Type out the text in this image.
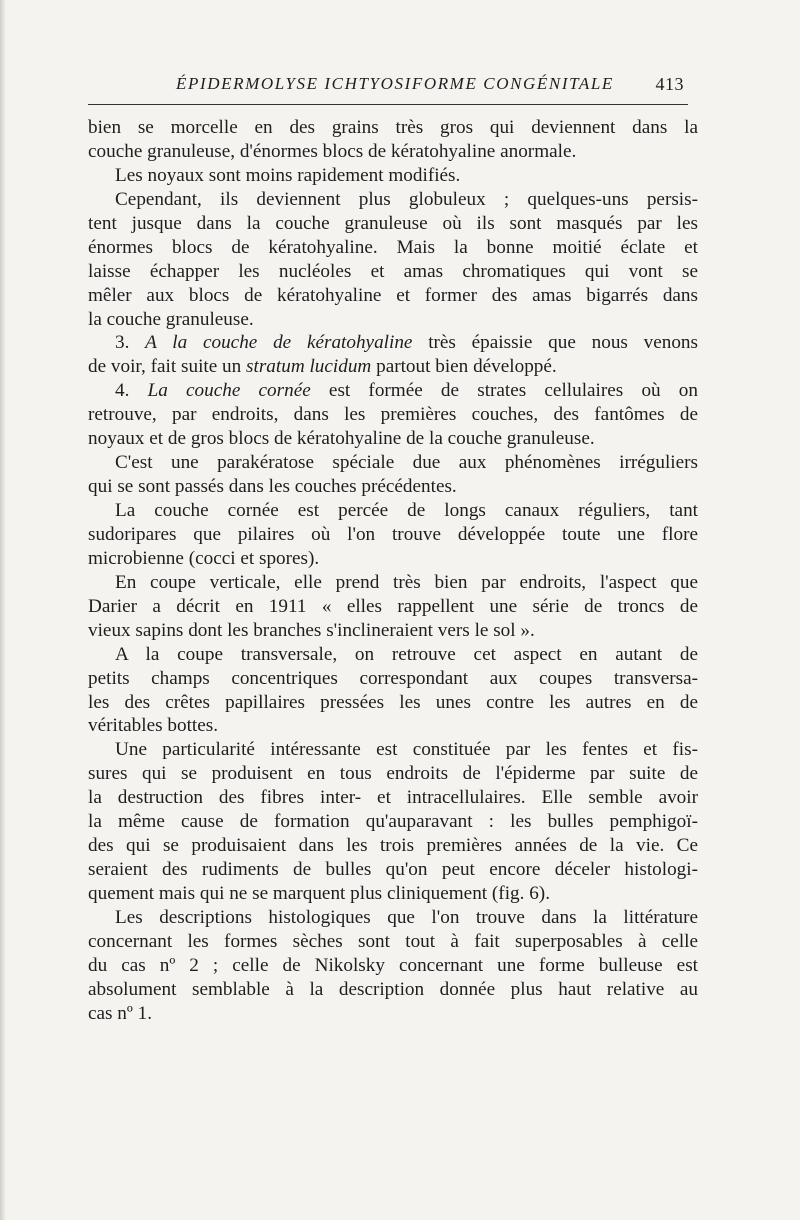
ÉPIDERMOLYSE ICHTYOSIFORME CONGÉNITALE 413
bien se morcelle en des grains très gros qui deviennent dans la
couche granuleuse, d'énormes blocs de kératohyaline anormale.
Les noyaux sont moins rapidement modifiés.
Cependant, ils deviennent plus globuleux ; quelques-uns persis-
tent jusque dans la couche granuleuse où ils sont masqués par les
énormes blocs de kératohyaline. Mais la bonne moitié éclate et
laisse échapper les nucléoles et amas chromatiques qui vont se
mêler aux blocs de kératohyaline et former des amas bigarrés dans
la couche granuleuse.
3. A la couche de kératohyaline très épaissie que nous venons
de voir, fait suite un stratum lucidum partout bien développé.
4. La couche cornée est formée de strates cellulaires où on
retrouve, par endroits, dans les premières couches, des fantômes de
noyaux et de gros blocs de kératohyaline de la couche granuleuse.
C'est une parakératose spéciale due aux phénomènes irréguliers
qui se sont passés dans les couches précédentes.
La couche cornée est percée de longs canaux réguliers, tant
sudoripares que pilaires où l'on trouve développée toute une flore
microbienne (cocci et spores).
En coupe verticale, elle prend très bien par endroits, l'aspect que
Darier a décrit en 1911 « elles rappellent une série de troncs de
vieux sapins dont les branches s'inclineraient vers le sol ».
A la coupe transversale, on retrouve cet aspect en autant de
petits champs concentriques correspondant aux coupes transversa-
les des crêtes papillaires pressées les unes contre les autres en de
véritables bottes.
Une particularité intéressante est constituée par les fentes et fis-
sures qui se produisent en tous endroits de l'épiderme par suite de
la destruction des fibres inter- et intracellulaires. Elle semble avoir
la même cause de formation qu'auparavant : les bulles pemphigoï-
des qui se produisaient dans les trois premières années de la vie. Ce
seraient des rudiments de bulles qu'on peut encore déceler histologi-
quement mais qui ne se marquent plus cliniquement (fig. 6).
Les descriptions histologiques que l'on trouve dans la littérature
concernant les formes sèches sont tout à fait superposables à celle
du cas nº 2 ; celle de Nikolsky concernant une forme bulleuse est
absolument semblable à la description donnée plus haut relative au
cas nº 1.
